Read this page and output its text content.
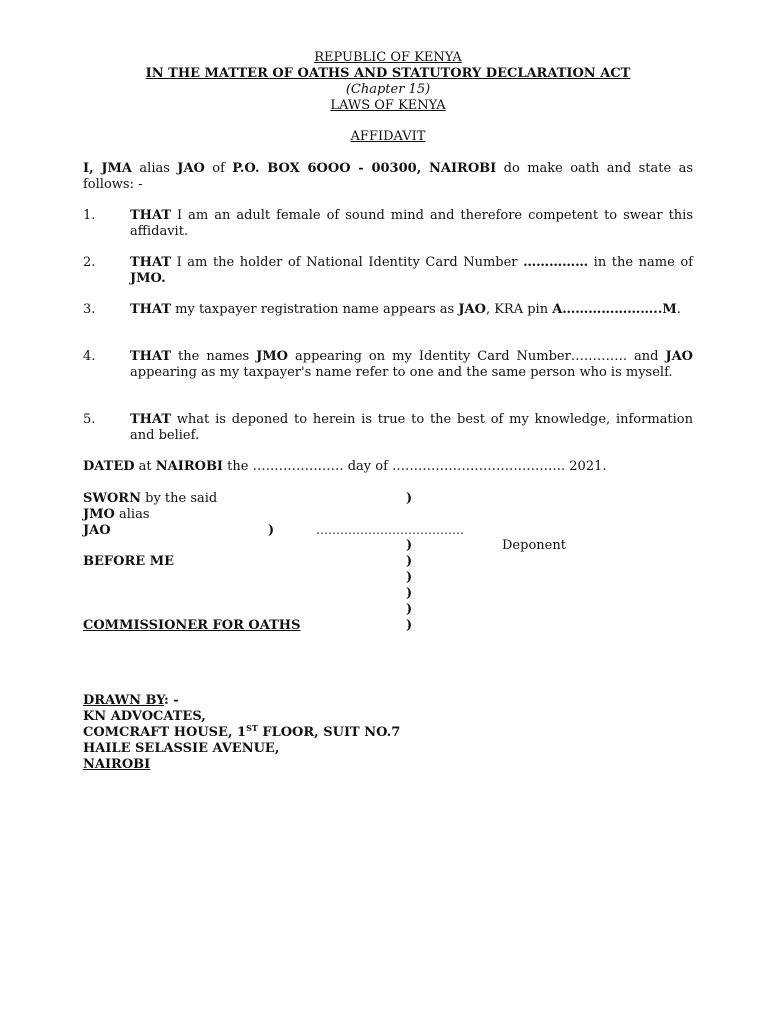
REPUBLIC OF KENYA
IN THE MATTER OF OATHS AND STATUTORY DECLARATION ACT
(Chapter 15)
LAWS OF KENYA
AFFIDAVIT
I, JMA alias JAO of P.O. BOX 6OOO - 00300, NAIROBI do make oath and state as follows: -
1.	THAT I am an adult female of sound mind and therefore competent to swear this affidavit.
2.	THAT I am the holder of National Identity Card Number …………… in the name of JMO.
3.	THAT my taxpayer registration name appears as JAO, KRA pin A…………………..M.
4.	THAT the names JMO appearing on my Identity Card Number…………. and JAO appearing as my taxpayer's name refer to one and the same person who is myself.
5.	THAT what is deponed to herein is true to the best of my knowledge, information and belief.
DATED at NAIROBI the ………………… day of …………………………………. 2021.
SWORN by the said	)
JMO alias
JAO	)	……………………………….
)	Deponent
BEFORE ME	)
)
)
)
COMMISSIONER FOR OATHS	)
DRAWN BY: -
KN ADVOCATES,
COMCRAFT HOUSE, 1ST FLOOR, SUIT NO.7
HAILE SELASSIE AVENUE,
NAIROBI
